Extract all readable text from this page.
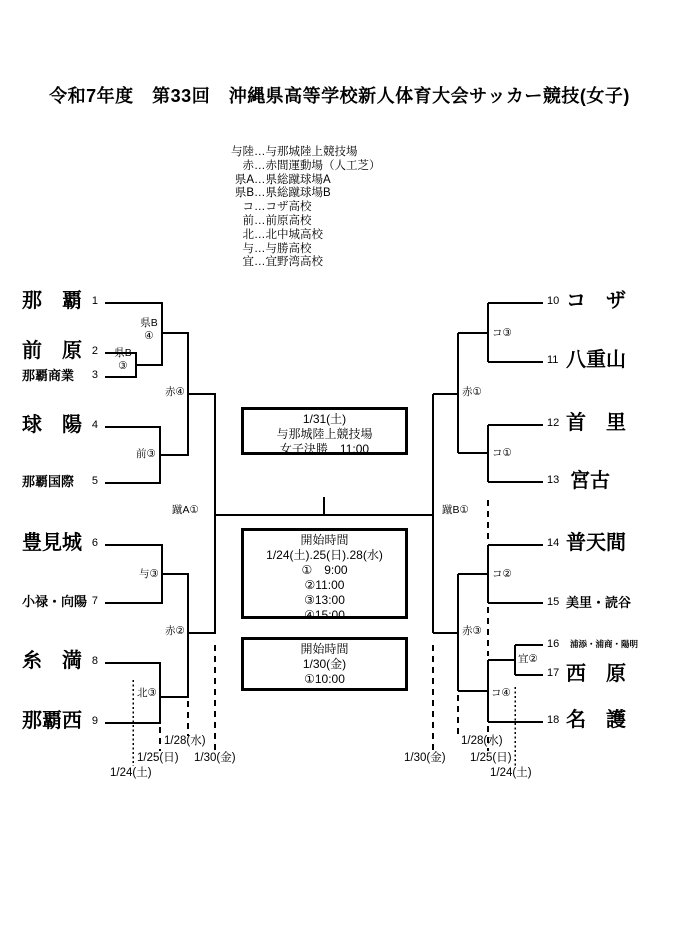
令和7年度　第33回　沖縄県高等学校新人体育大会サッカー競技(女子)
与陸 …与那城陸上競技場
赤 …赤間運動場（人工芝）
県A …県総蹴球場A
県B …県総蹴球場B
コ …コザ高校
前 …前原高校
北 …北中城高校
与 …与勝高校
宜 …宜野湾高校
那　覇 1
前　原 2
那覇商業	3
球　陽 4
那覇国際	5
豊見城 6
小禄・向陽 7
糸　満 8
那覇西 9
10 コ　ザ
11 八重山
12 首　里
13 宮古
14 普天間
15 美里・読谷
16 浦添・浦商・陽明
17 西　原
18 名　護
県B
④
県B
③
赤④
前③
与③
赤②
北③
蹴A①
コ③
赤①
コ①
コ②
赤③
宜②
コ④
蹴B①
1/31(土)
与那城陸上競技場
女子決勝　11:00
開始時間
1/24(土).25(日).28(水)
①　9:00
②11:00
③13:00
④15:00
開始時間
1/30(金)
①10:00
1/28(水)
1/25(日) 1/30(金)
1/24(土)
1/28(水)
1/30(金) 1/25(日)
1/24(土)
